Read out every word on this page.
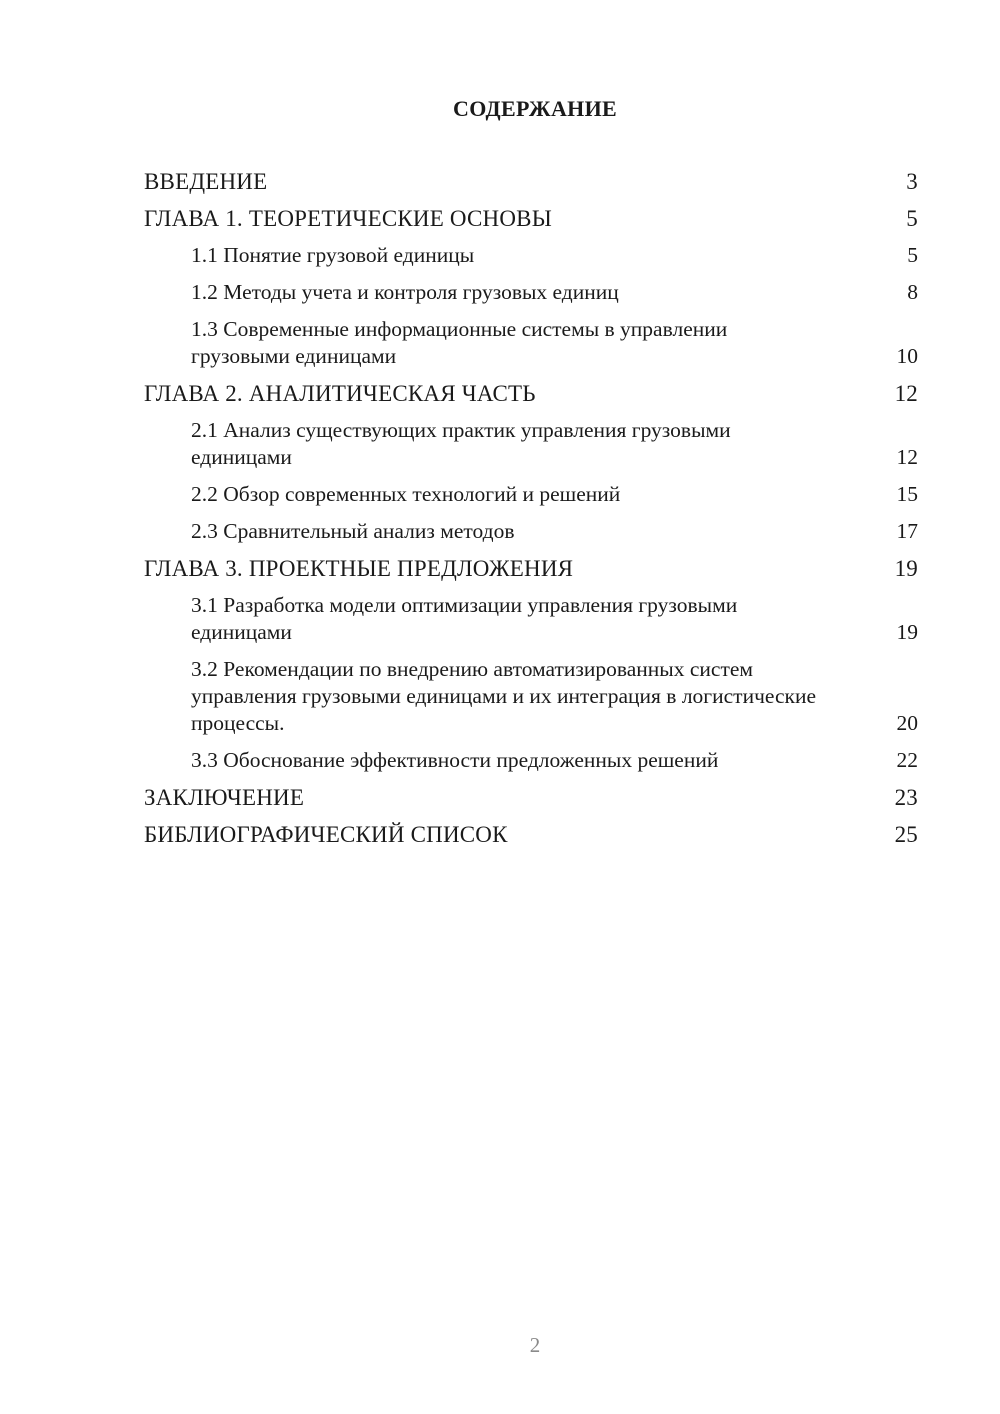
СОДЕРЖАНИЕ
ВВЕДЕНИЕ	3
ГЛАВА 1. ТЕОРЕТИЧЕСКИЕ ОСНОВЫ	5
1.1 Понятие грузовой единицы	5
1.2 Методы учета и контроля грузовых единиц	8
1.3 Современные информационные системы в управлении грузовыми единицами	10
ГЛАВА 2. АНАЛИТИЧЕСКАЯ ЧАСТЬ	12
2.1 Анализ существующих практик управления грузовыми единицами	12
2.2 Обзор современных технологий и решений	15
2.3 Сравнительный анализ методов	17
ГЛАВА 3. ПРОЕКТНЫЕ ПРЕДЛОЖЕНИЯ	19
3.1 Разработка модели оптимизации управления грузовыми единицами	19
3.2 Рекомендации по внедрению автоматизированных систем управления грузовыми единицами и их интеграция в логистические процессы.	20
3.3 Обоснование эффективности предложенных решений	22
ЗАКЛЮЧЕНИЕ	23
БИБЛИОГРАФИЧЕСКИЙ СПИСОК	25
2
